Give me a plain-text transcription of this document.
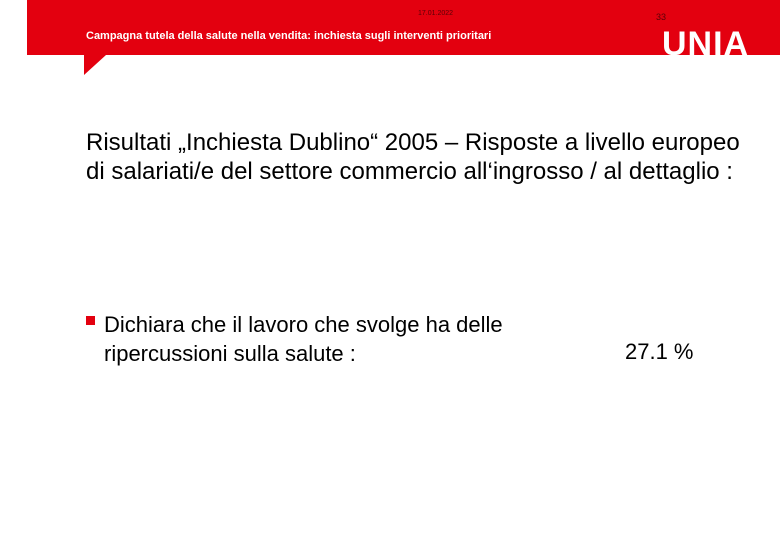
17.01.2022	33
Campagna tutela della salute nella vendita: inchiesta sugli interventi prioritari	UNIA
Risultati „Inchiesta Dublino“ 2005 – Risposte a livello europeo di salariati/e del settore commercio all‘ingrosso / al dettaglio :
Dichiara che il lavoro che svolge ha delle ripercussioni sulla salute :	27.1 %
